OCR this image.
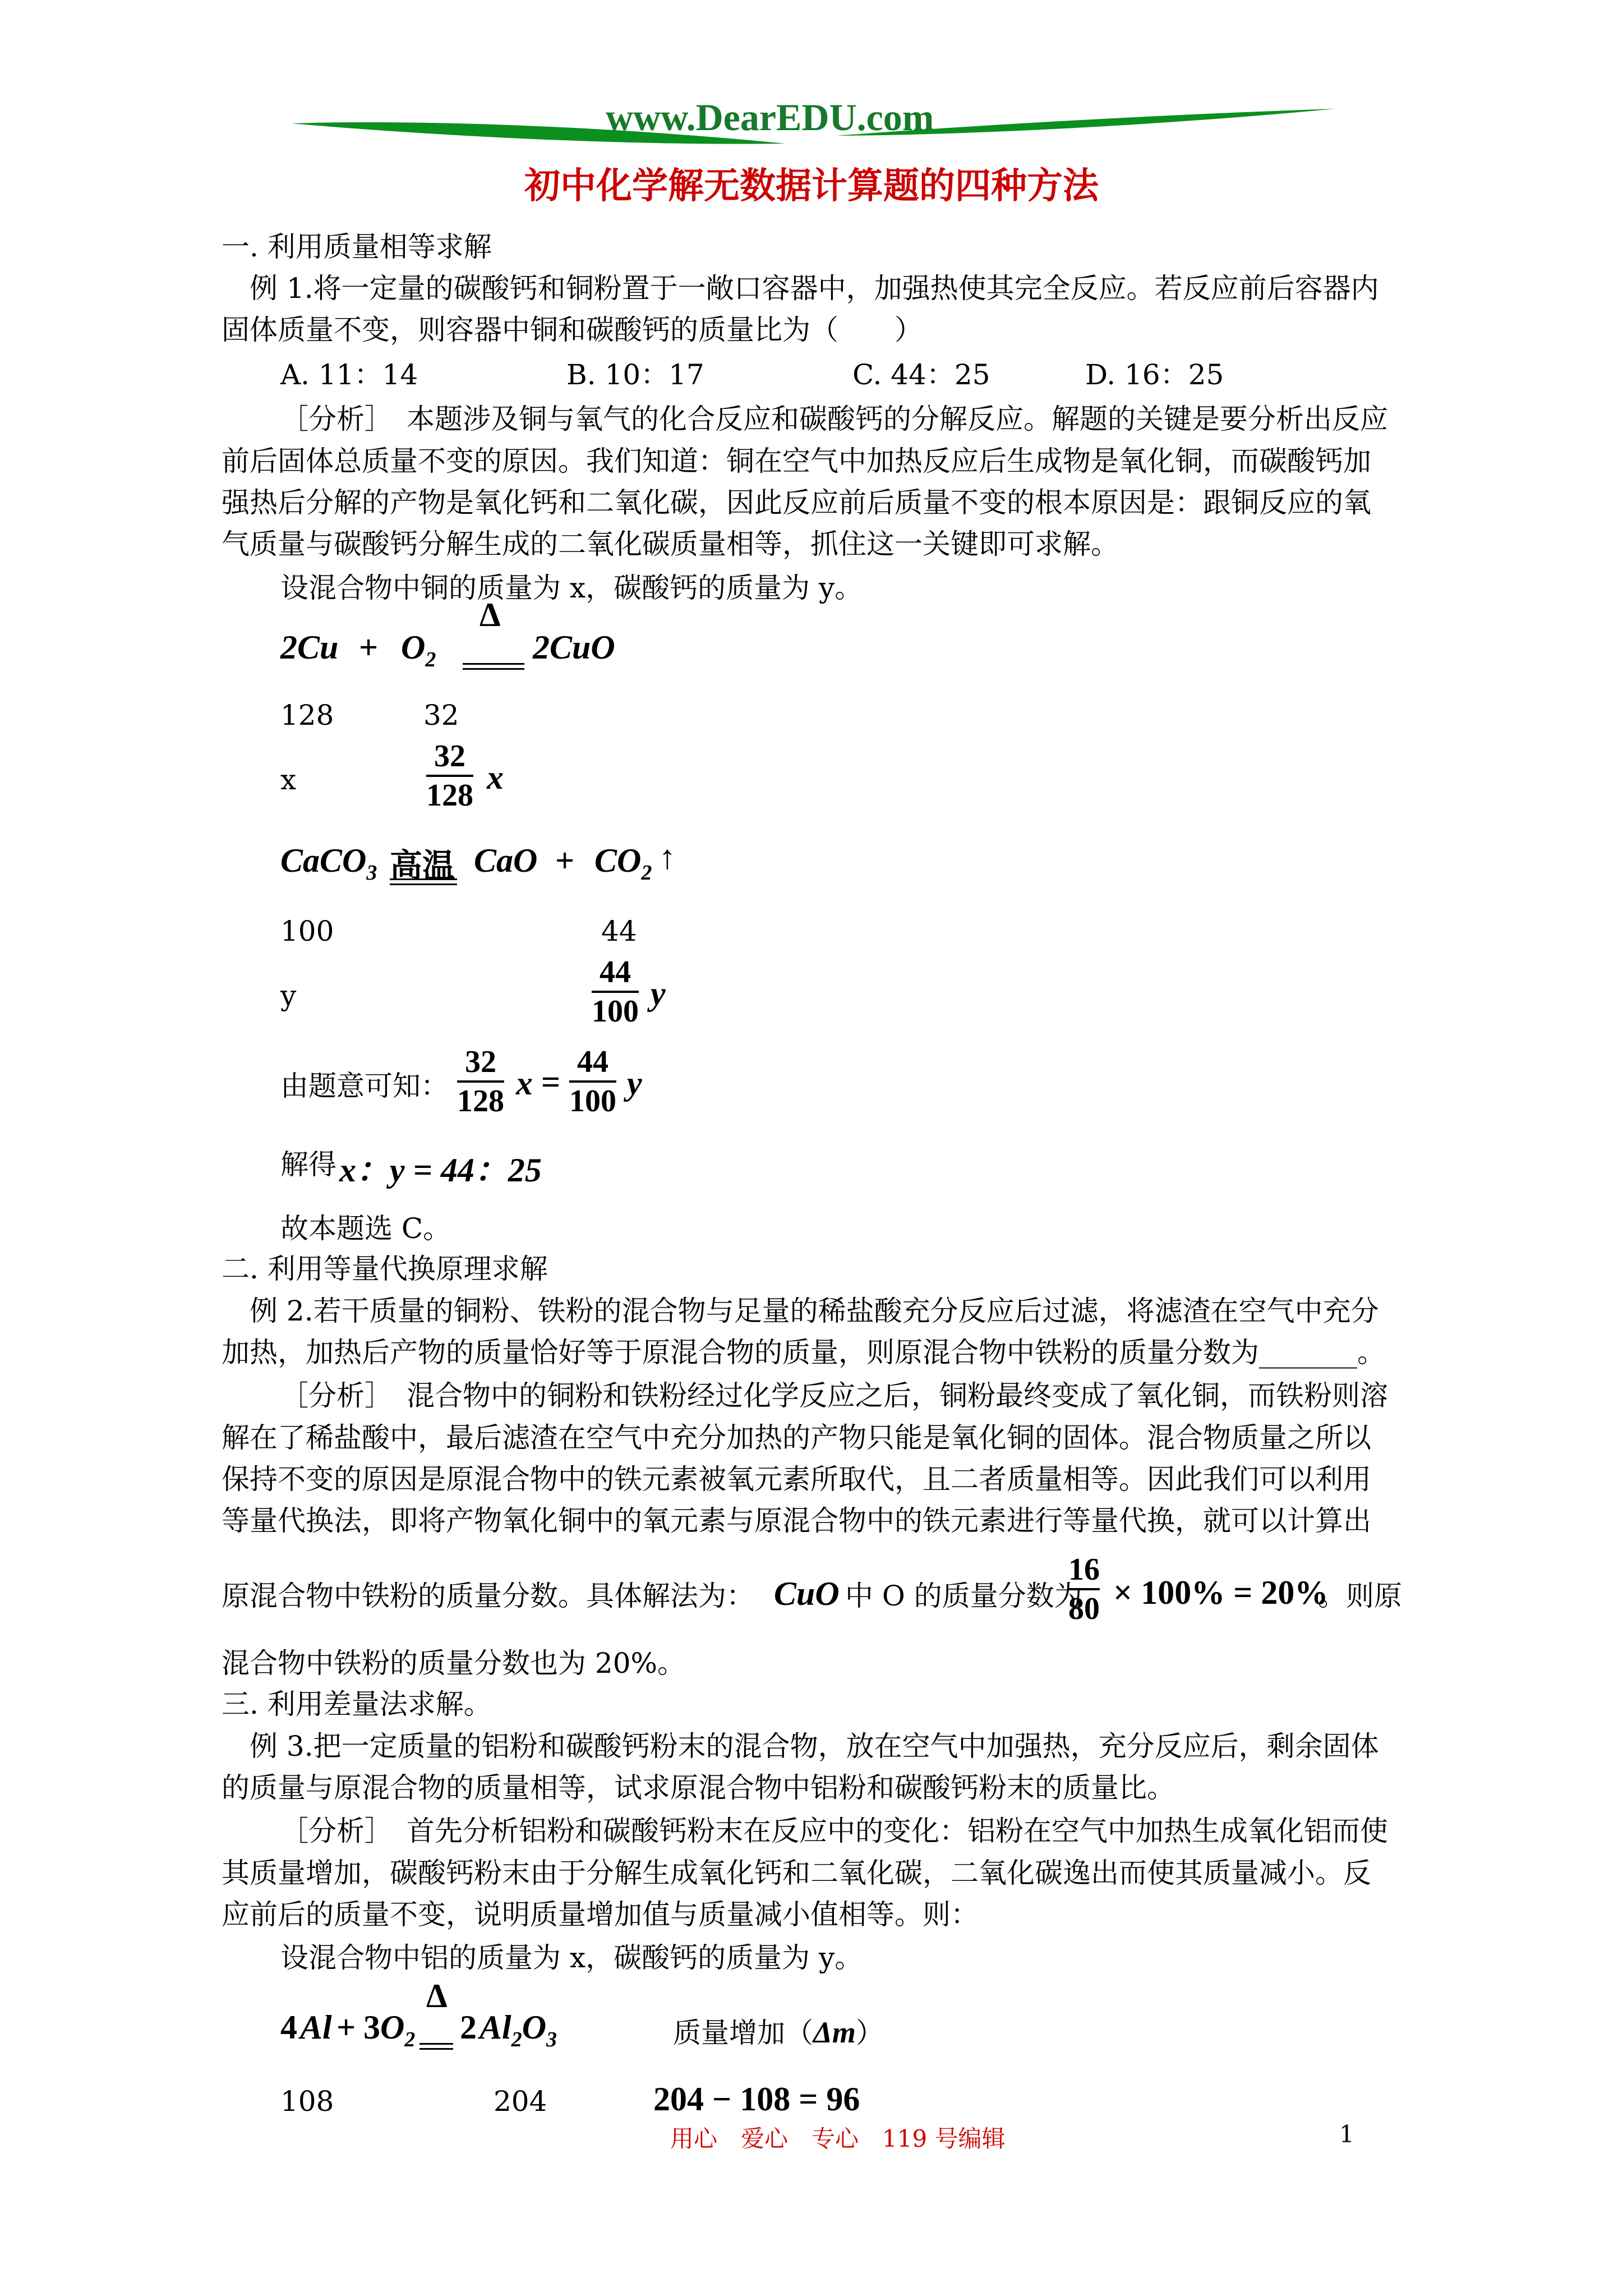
www.DearEDU.com
初中化学解无数据计算题的四种方法
一. 利用质量相等求解
例 1.将一定量的碳酸钙和铜粉置于一敞口容器中，加强热使其完全反应。若反应前后容器内
固体质量不变，则容器中铜和碳酸钙的质量比为（　　）
A. 11：14	B. 10：17	C. 44：25	D. 16：25
［分析］　本题涉及铜与氧气的化合反应和碳酸钙的分解反应。解题的关键是要分析出反应
前后固体总质量不变的原因。我们知道：铜在空气中加热反应后生成物是氧化铜，而碳酸钙加
强热后分解的产物是氧化钙和二氧化碳，因此反应前后质量不变的根本原因是：跟铜反应的氧
气质量与碳酸钙分解生成的二氧化碳质量相等，抓住这一关键即可求解。
设混合物中铜的质量为 x，碳酸钙的质量为 y。
$2Cu + O_2$
Δ
2CuO
128	32
x	$\frac{32}{128}$ x
CaCO$_3$ 高温 CaO + $CO_2$ ↑
100	44
y	$\frac{44}{100}$ y
由题意可知： $\frac{32}{128}$ $x = \frac{44}{100}$ y
解得 x：y = 44：25
故本题选 C。
二. 利用等量代换原理求解
例 2.若干质量的铜粉、铁粉的混合物与足量的稀盐酸充分反应后过滤，将滤渣在空气中充分
加热，加热后产物的质量恰好等于原混合物的质量，则原混合物中铁粉的质量分数为_______。
［分析］　混合物中的铜粉和铁粉经过化学反应之后，铜粉最终变成了氧化铜，而铁粉则溶
解在了稀盐酸中，最后滤渣在空气中充分加热的产物只能是氧化铜的固体。混合物质量之所以
保持不变的原因是原混合物中的铁元素被氧元素所取代，且二者质量相等。因此我们可以利用
等量代换法，即将产物氧化铜中的氧元素与原混合物中的铁元素进行等量代换，就可以计算出
原混合物中铁粉的质量分数。具体解法为： CuO 中 O 的质量分数为
$\frac{16}{80} \times 100\% = 20\%$
。则原
混合物中铁粉的质量分数也为 20%。
三. 利用差量法求解。
例 3.把一定质量的铝粉和碳酸钙粉末的混合物，放在空气中加强热，充分反应后，剩余固体
的质量与原混合物的质量相等，试求原混合物中铝粉和碳酸钙粉末的质量比。
［分析］　首先分析铝粉和碳酸钙粉末在反应中的变化：铝粉在空气中加热生成氧化铝而使
其质量增加，碳酸钙粉末由于分解生成氧化钙和二氧化碳，二氧化碳逸出而使其质量减小。反
应前后的质量不变，说明质量增加值与质量减小值相等。则：
设混合物中铝的质量为 x，碳酸钙的质量为 y。
4 Al + 3 $O_2$
Δ
2 $Al_2O_3$	质量增加（Δm）
108	204	204 − 108 = 96
用心　爱心　专心　119 号编辑	1
